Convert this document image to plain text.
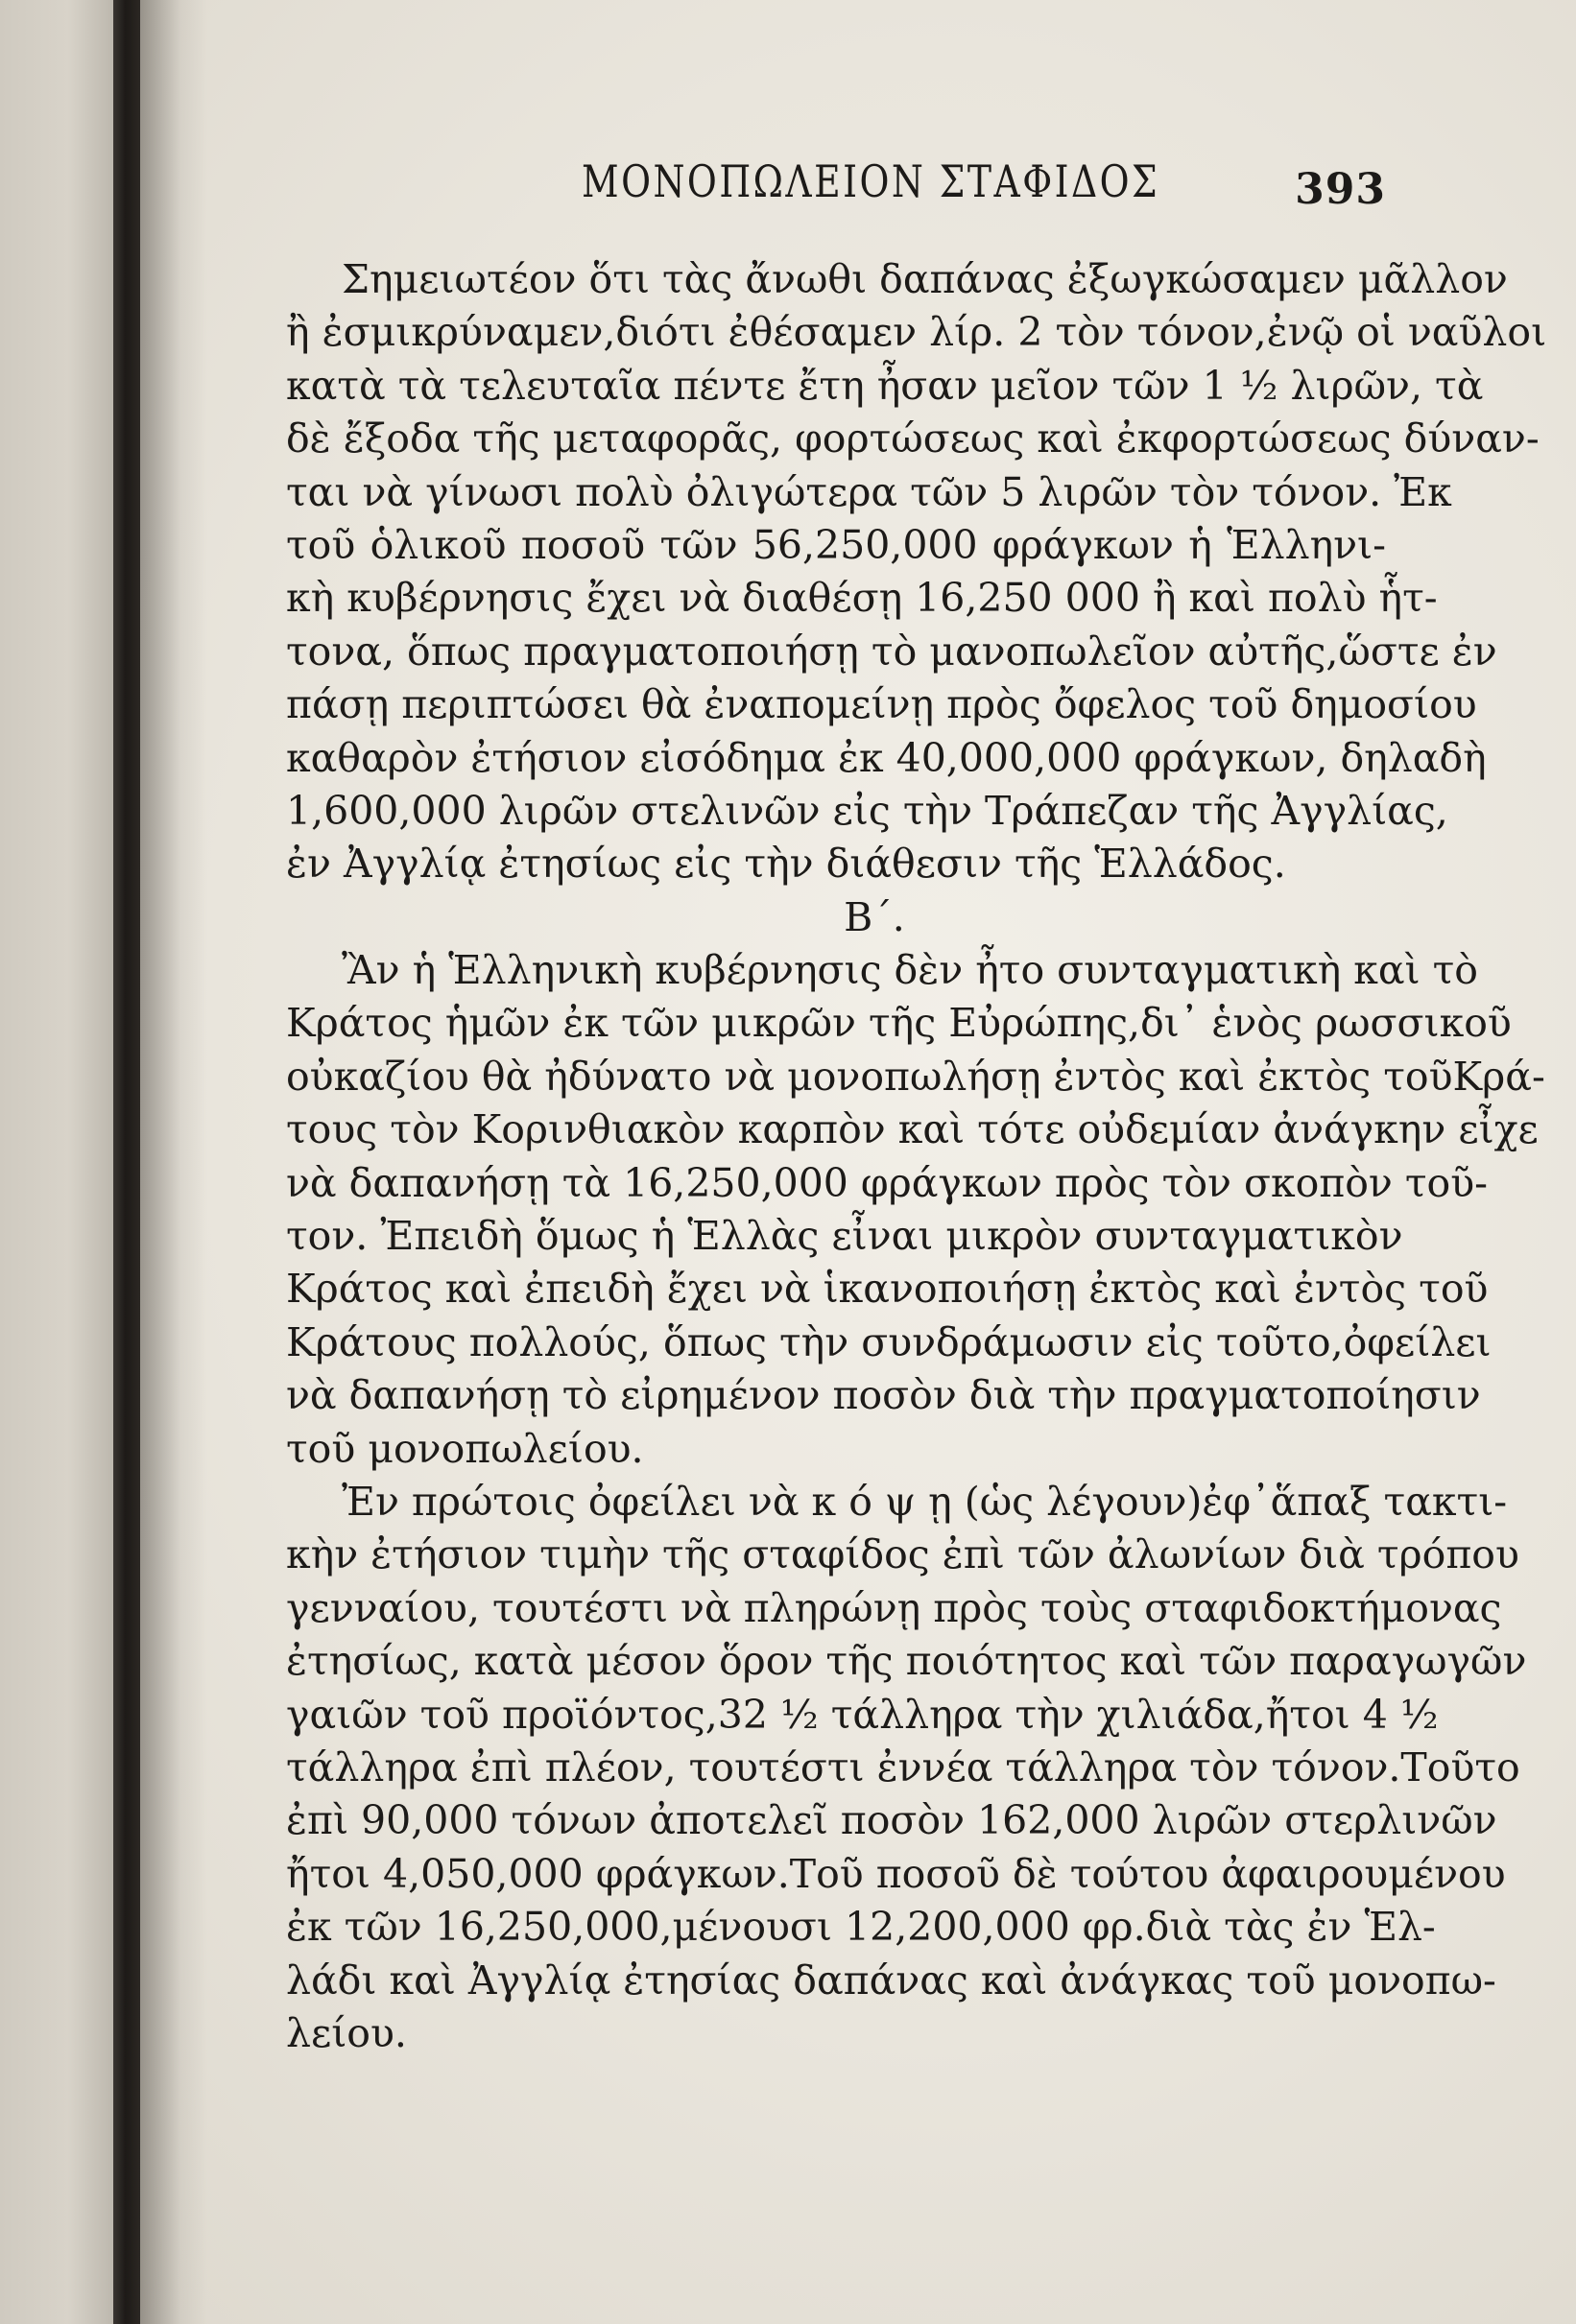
ΜΟΝΟΠΩΛΕΙΟΝ ΣΤΑΦΙΔΟΣ	393
Σημειωτέον ὅτι τὰς ἄνωθι δαπάνας ἐξωγκώσαμεν μᾶλλον
ἢ ἐσμικρύναμεν,διότι ἐθέσαμεν λίρ. 2 τὸν τόνον,ἐνῷ οἱ ναῦλοι
κατὰ τὰ τελευταῖα πέντε ἔτη ἦσαν μεῖον τῶν 1 ½ λιρῶν, τὰ
δὲ ἔξοδα τῆς μεταφορᾶς, φορτώσεως καὶ ἐκφορτώσεως δύναν-
ται νὰ γίνωσι πολὺ ὀλιγώτερα τῶν 5 λιρῶν τὸν τόνον. Ἐκ
τοῦ ὁλικοῦ ποσοῦ τῶν 56,250,000 φράγκων ἡ Ἑλληνι-
κὴ κυβέρνησις ἔχει νὰ διαθέσῃ 16,250 000 ἢ καὶ πολὺ ἧτ-
τονα, ὅπως πραγματοποιήσῃ τὸ μανοπωλεῖον αὐτῆς,ὥστε ἐν
πάσῃ περιπτώσει θὰ ἐναπομείνῃ πρὸς ὄφελος τοῦ δημοσίου
καθαρὸν ἐτήσιον εἰσόδημα ἐκ 40,000,000 φράγκων, δηλαδὴ
1,600,000 λιρῶν στελινῶν εἰς τὴν Τράπεζαν τῆς Ἀγγλίας,
ἐν Ἀγγλίᾳ ἐτησίως εἰς τὴν διάθεσιν τῆς Ἑλλάδος.
Β΄.
Ἂν ἡ Ἑλληνικὴ κυβέρνησις δὲν ἦτο συνταγματικὴ καὶ τὸ
Κράτος ἡμῶν ἐκ τῶν μικρῶν τῆς Εὐρώπης,δι᾿ ἑνὸς ρωσσικοῦ
οὐκαζίου θὰ ἠδύνατο νὰ μονοπωλήσῃ ἐντὸς καὶ ἐκτὸς τοῦΚρά-
τους τὸν Κορινθιακὸν καρπὸν καὶ τότε οὐδεμίαν ἀνάγκην εἶχε
νὰ δαπανήσῃ τὰ 16,250,000 φράγκων πρὸς τὸν σκοπὸν τοῦ-
τον. Ἐπειδὴ ὅμως ἡ Ἑλλὰς εἶναι μικρὸν συνταγματικὸν
Κράτος καὶ ἐπειδὴ ἔχει νὰ ἱκανοποιήσῃ ἐκτὸς καὶ ἐντὸς τοῦ
Κράτους πολλούς, ὅπως τὴν συνδράμωσιν εἰς τοῦτο,ὀφείλει
νὰ δαπανήσῃ τὸ εἰρημένον ποσὸν διὰ τὴν πραγματοποίησιν
τοῦ μονοπωλείου.
Ἐν πρώτοις ὀφείλει νὰ κ ό ψ ῃ (ὡς λέγουν)ἐφ᾿ἅπαξ τακτι-
κὴν ἐτήσιον τιμὴν τῆς σταφίδος ἐπὶ τῶν ἀλωνίων διὰ τρόπου
γενναίου, τουτέστι νὰ πληρώνῃ πρὸς τοὺς σταφιδοκτήμονας
ἐτησίως, κατὰ μέσον ὅρον τῆς ποιότητος καὶ τῶν παραγωγῶν
γαιῶν τοῦ προϊόντος,32 ½ τάλληρα τὴν χιλιάδα,ἤτοι 4 ½
τάλληρα ἐπὶ πλέον, τουτέστι ἐννέα τάλληρα τὸν τόνον.Τοῦτο
ἐπὶ 90,000 τόνων ἀποτελεῖ ποσὸν 162,000 λιρῶν στερλινῶν
ἤτοι 4,050,000 φράγκων.Τοῦ ποσοῦ δὲ τούτου ἀφαιρουμένου
ἐκ τῶν 16,250,000,μένουσι 12,200,000 φρ.διὰ τὰς ἐν Ἑλ-
λάδι καὶ Ἀγγλίᾳ ἐτησίας δαπάνας καὶ ἀνάγκας τοῦ μονοπω-
λείου.
